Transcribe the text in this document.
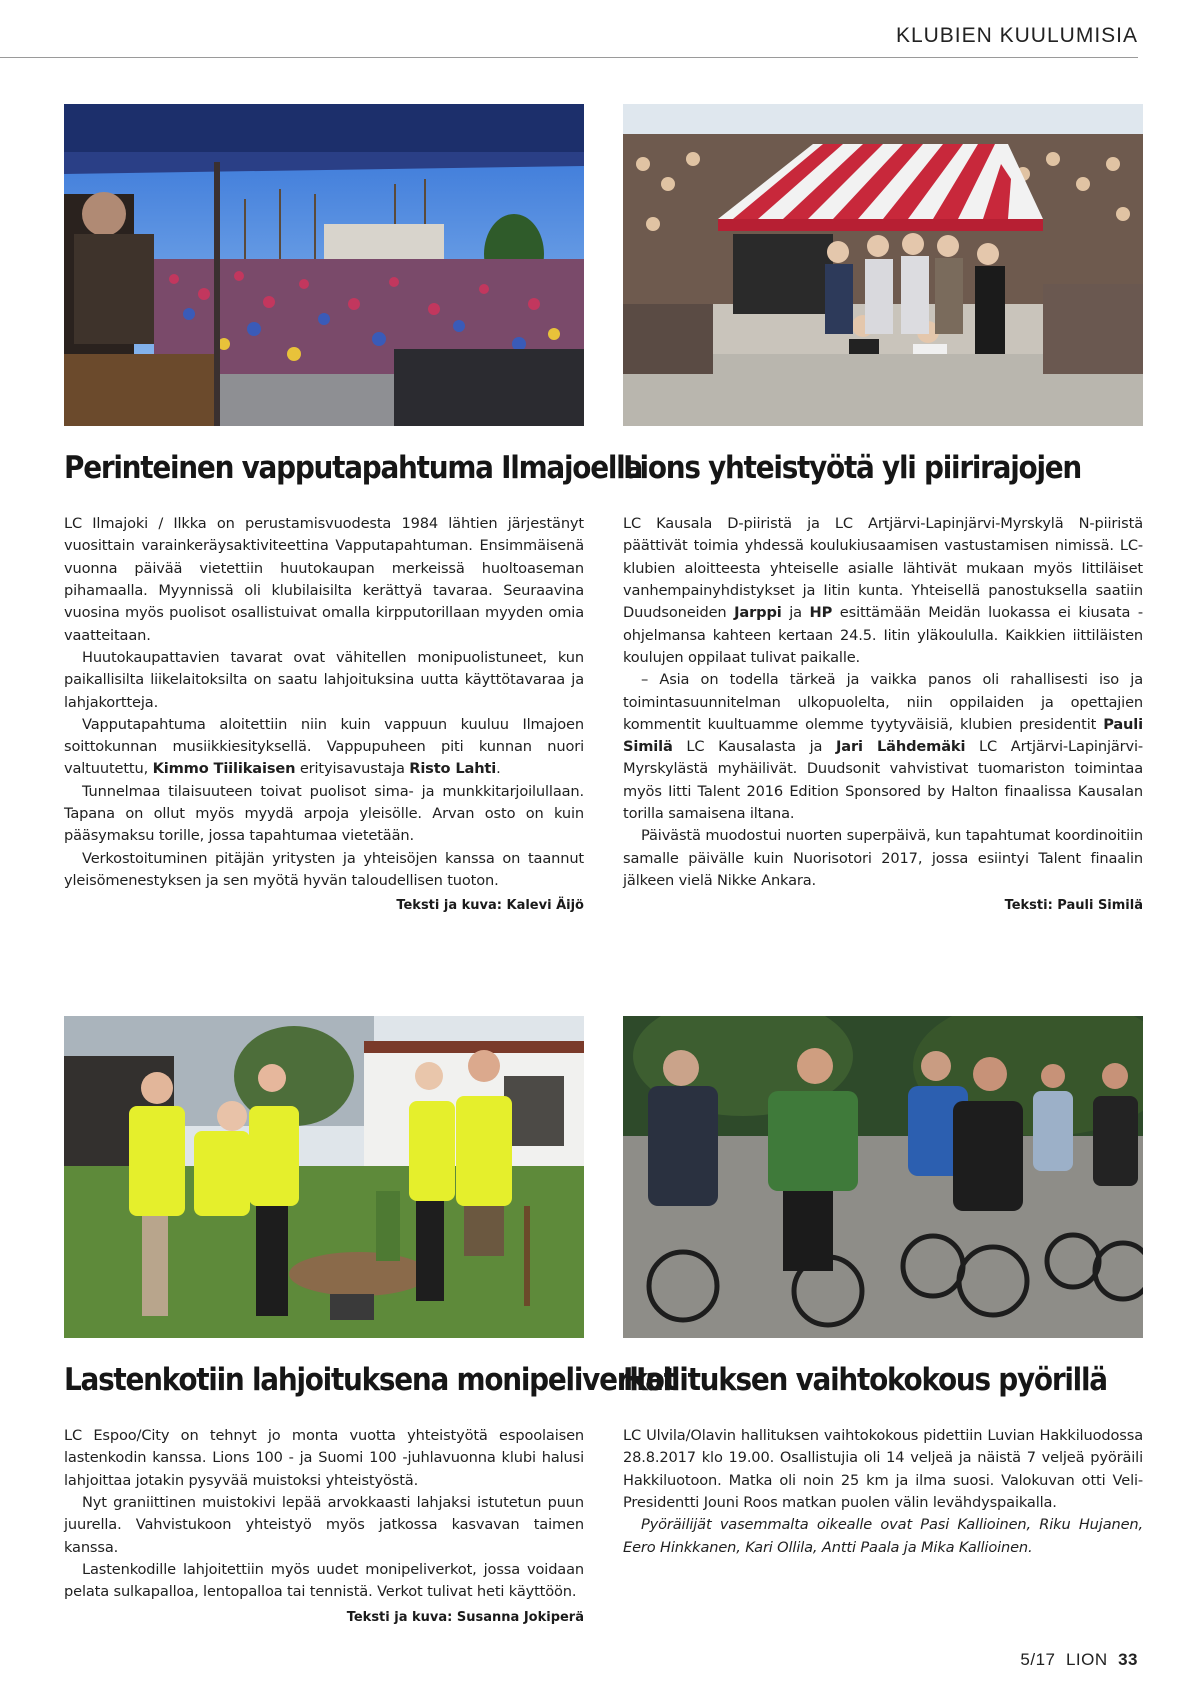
KLUBIEN KUULUMISIA
Perinteinen vapputapahtuma Ilmajoella

LC Ilmajoki / Ilkka on perustamisvuodesta 1984 lähtien järjestänyt vuosittain varainkeräysaktiviteettina Vapputapahtuman. Ensimmäisenä vuonna päivää vietettiin huutokaupan merkeissä huoltoaseman pihamaalla. Myynnissä oli klubilaisilta kerättyä tavaraa. Seuraavina vuosina myös puolisot osallistuivat omalla kirpputorillaan myyden omia vaatteitaan.

Huutokaupattavien tavarat ovat vähitellen monipuolistuneet, kun paikallisilta liikelaitoksilta on saatu lahjoituksina uutta käyttötavaraa ja lahjakortteja.

Vapputapahtuma aloitettiin niin kuin vappuun kuuluu Ilmajoen soittokunnan musiikkiesityksellä. Vappupuheen piti kunnan nuori valtuutettu, Kimmo Tiilikaisen erityisavustaja Risto Lahti.

Tunnelmaa tilaisuuteen toivat puolisot sima- ja munkkitarjoilullaan. Tapana on ollut myös myydä arpoja yleisölle. Arvan osto on kuin pääsymaksu torille, jossa tapahtumaa vietetään.

Verkostoituminen pitäjän yritysten ja yhteisöjen kanssa on taannut yleisömenestyksen ja sen myötä hyvän taloudellisen tuoton.

Teksti ja kuva: Kalevi Äijö
Lions yhteistyötä yli piirirajojen

LC Kausala D-piiristä ja LC Artjärvi-Lapinjärvi-Myrskylä N-piiristä päättivät toimia yhdessä koulukiusaamisen vastustamisen nimissä. LC-klubien aloitteesta yhteiselle asialle lähtivät mukaan myös Iittiläiset vanhempainyhdistykset ja Iitin kunta. Yhteisellä panostuksella saatiin Duudsoneiden Jarppi ja HP esittämään Meidän luokassa ei kiusata -ohjelmansa kahteen kertaan 24.5. Iitin yläkoululla. Kaikkien iittiläisten koulujen oppilaat tulivat paikalle.

– Asia on todella tärkeä ja vaikka panos oli rahallisesti iso ja toimintasuunnitelman ulkopuolelta, niin oppilaiden ja opettajien kommentit kuultuamme olemme tyytyväisiä, klubien presidentit Pauli Similä LC Kausalasta ja Jari Lähdemäki LC Artjärvi-Lapinjärvi-Myrskylästä myhäilivät. Duudsonit vahvistivat tuomariston toimintaa myös Iitti Talent 2016 Edition Sponsored by Halton finaalissa Kausalan torilla samaisena iltana.

Päivästä muodostui nuorten superpäivä, kun tapahtumat koordinoitiin samalle päivälle kuin Nuorisotori 2017, jossa esiintyi Talent finaalin jälkeen vielä Nikke Ankara.

Teksti: Pauli Similä
Lastenkotiin lahjoituksena monipeliverkot

LC Espoo/City on tehnyt jo monta vuotta yhteistyötä espoolaisen lastenkodin kanssa. Lions 100 - ja Suomi 100 -juhlavuonna klubi halusi lahjoittaa jotakin pysyvää muistoksi yhteistyöstä.

Nyt graniittinen muistokivi lepää arvokkaasti lahjaksi istutetun puun juurella. Vahvistukoon yhteistyö myös jatkossa kasvavan taimen kanssa.

Lastenkodille lahjoitettiin myös uudet monipeliverkot, jossa voidaan pelata sulkapalloa, lentopalloa tai tennistä. Verkot tulivat heti käyttöön.

Teksti ja kuva: Susanna Jokiperä
Hallituksen vaihtokokous pyörillä

LC Ulvila/Olavin hallituksen vaihtokokous pidettiin Luvian Hakkiluodossa 28.8.2017 klo 19.00. Osallistujia oli 14 veljeä ja näistä 7 veljeä pyöräili Hakkiluotoon. Matka oli noin 25 km ja ilma suosi. Valokuvan otti Veli-Presidentti Jouni Roos matkan puolen välin levähdyspaikalla.

Pyöräilijät vasemmalta oikealle ovat Pasi Kallioinen, Riku Hujanen, Eero Hinkkanen, Kari Ollila, Antti Paala ja Mika Kallioinen.

5/17 LION 33
